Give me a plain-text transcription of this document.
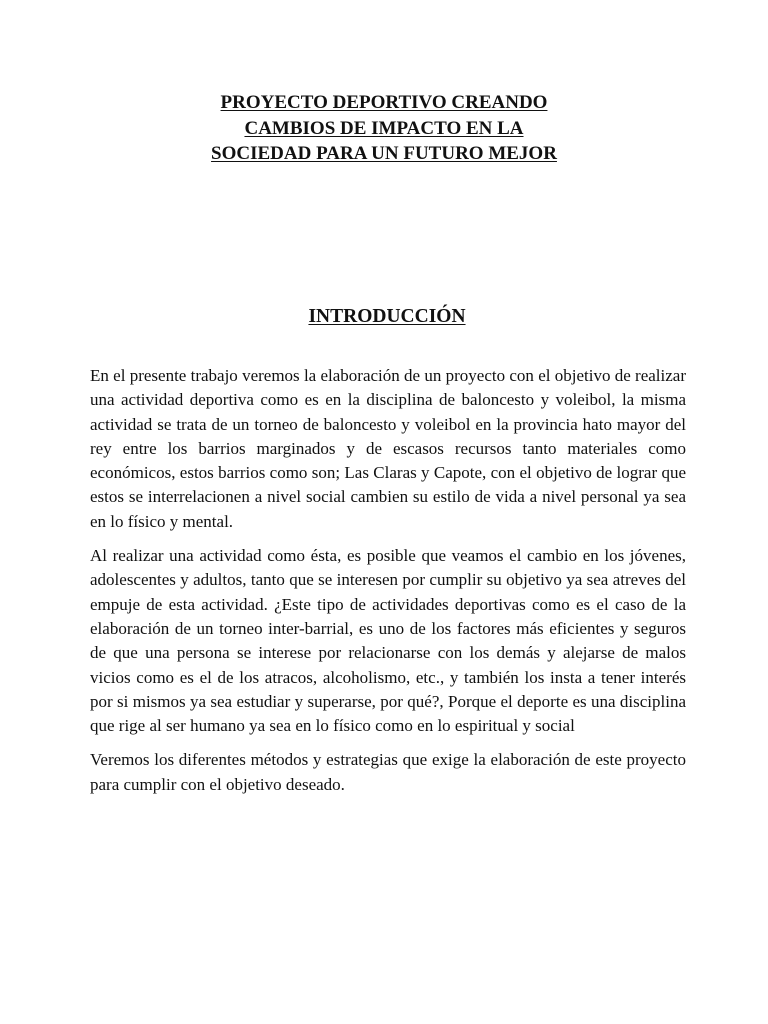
PROYECTO DEPORTIVO CREANDO
CAMBIOS DE IMPACTO EN LA
SOCIEDAD PARA UN FUTURO MEJOR
INTRODUCCIÓN

En el presente trabajo veremos la elaboración de un proyecto con el objetivo de realizar una actividad deportiva como es en la disciplina de baloncesto y voleibol, la misma actividad se trata de un torneo de baloncesto y voleibol en la provincia hato mayor del rey entre los barrios marginados y de escasos recursos tanto materiales como económicos, estos barrios como son; Las Claras y Capote, con el objetivo de lograr que estos se interrelacionen a nivel social cambien su estilo de vida a nivel personal ya sea en lo físico y mental.

Al realizar una actividad como ésta, es posible que veamos el cambio en los jóvenes, adolescentes y adultos, tanto que se interesen por cumplir su objetivo ya sea atreves del empuje de esta actividad. ¿Este tipo de actividades deportivas como es el caso de la elaboración de un torneo inter-barrial, es uno de los factores más eficientes y seguros de que una persona se interese por relacionarse con los demás y alejarse de malos vicios como es el de los atracos, alcoholismo, etc., y también los insta a tener interés por si mismos ya sea estudiar y superarse, por qué?, Porque el deporte es una disciplina que rige al ser humano ya sea en lo físico como en lo espiritual y social

Veremos los diferentes métodos y estrategias que exige la elaboración de este proyecto para cumplir con el objetivo deseado.
